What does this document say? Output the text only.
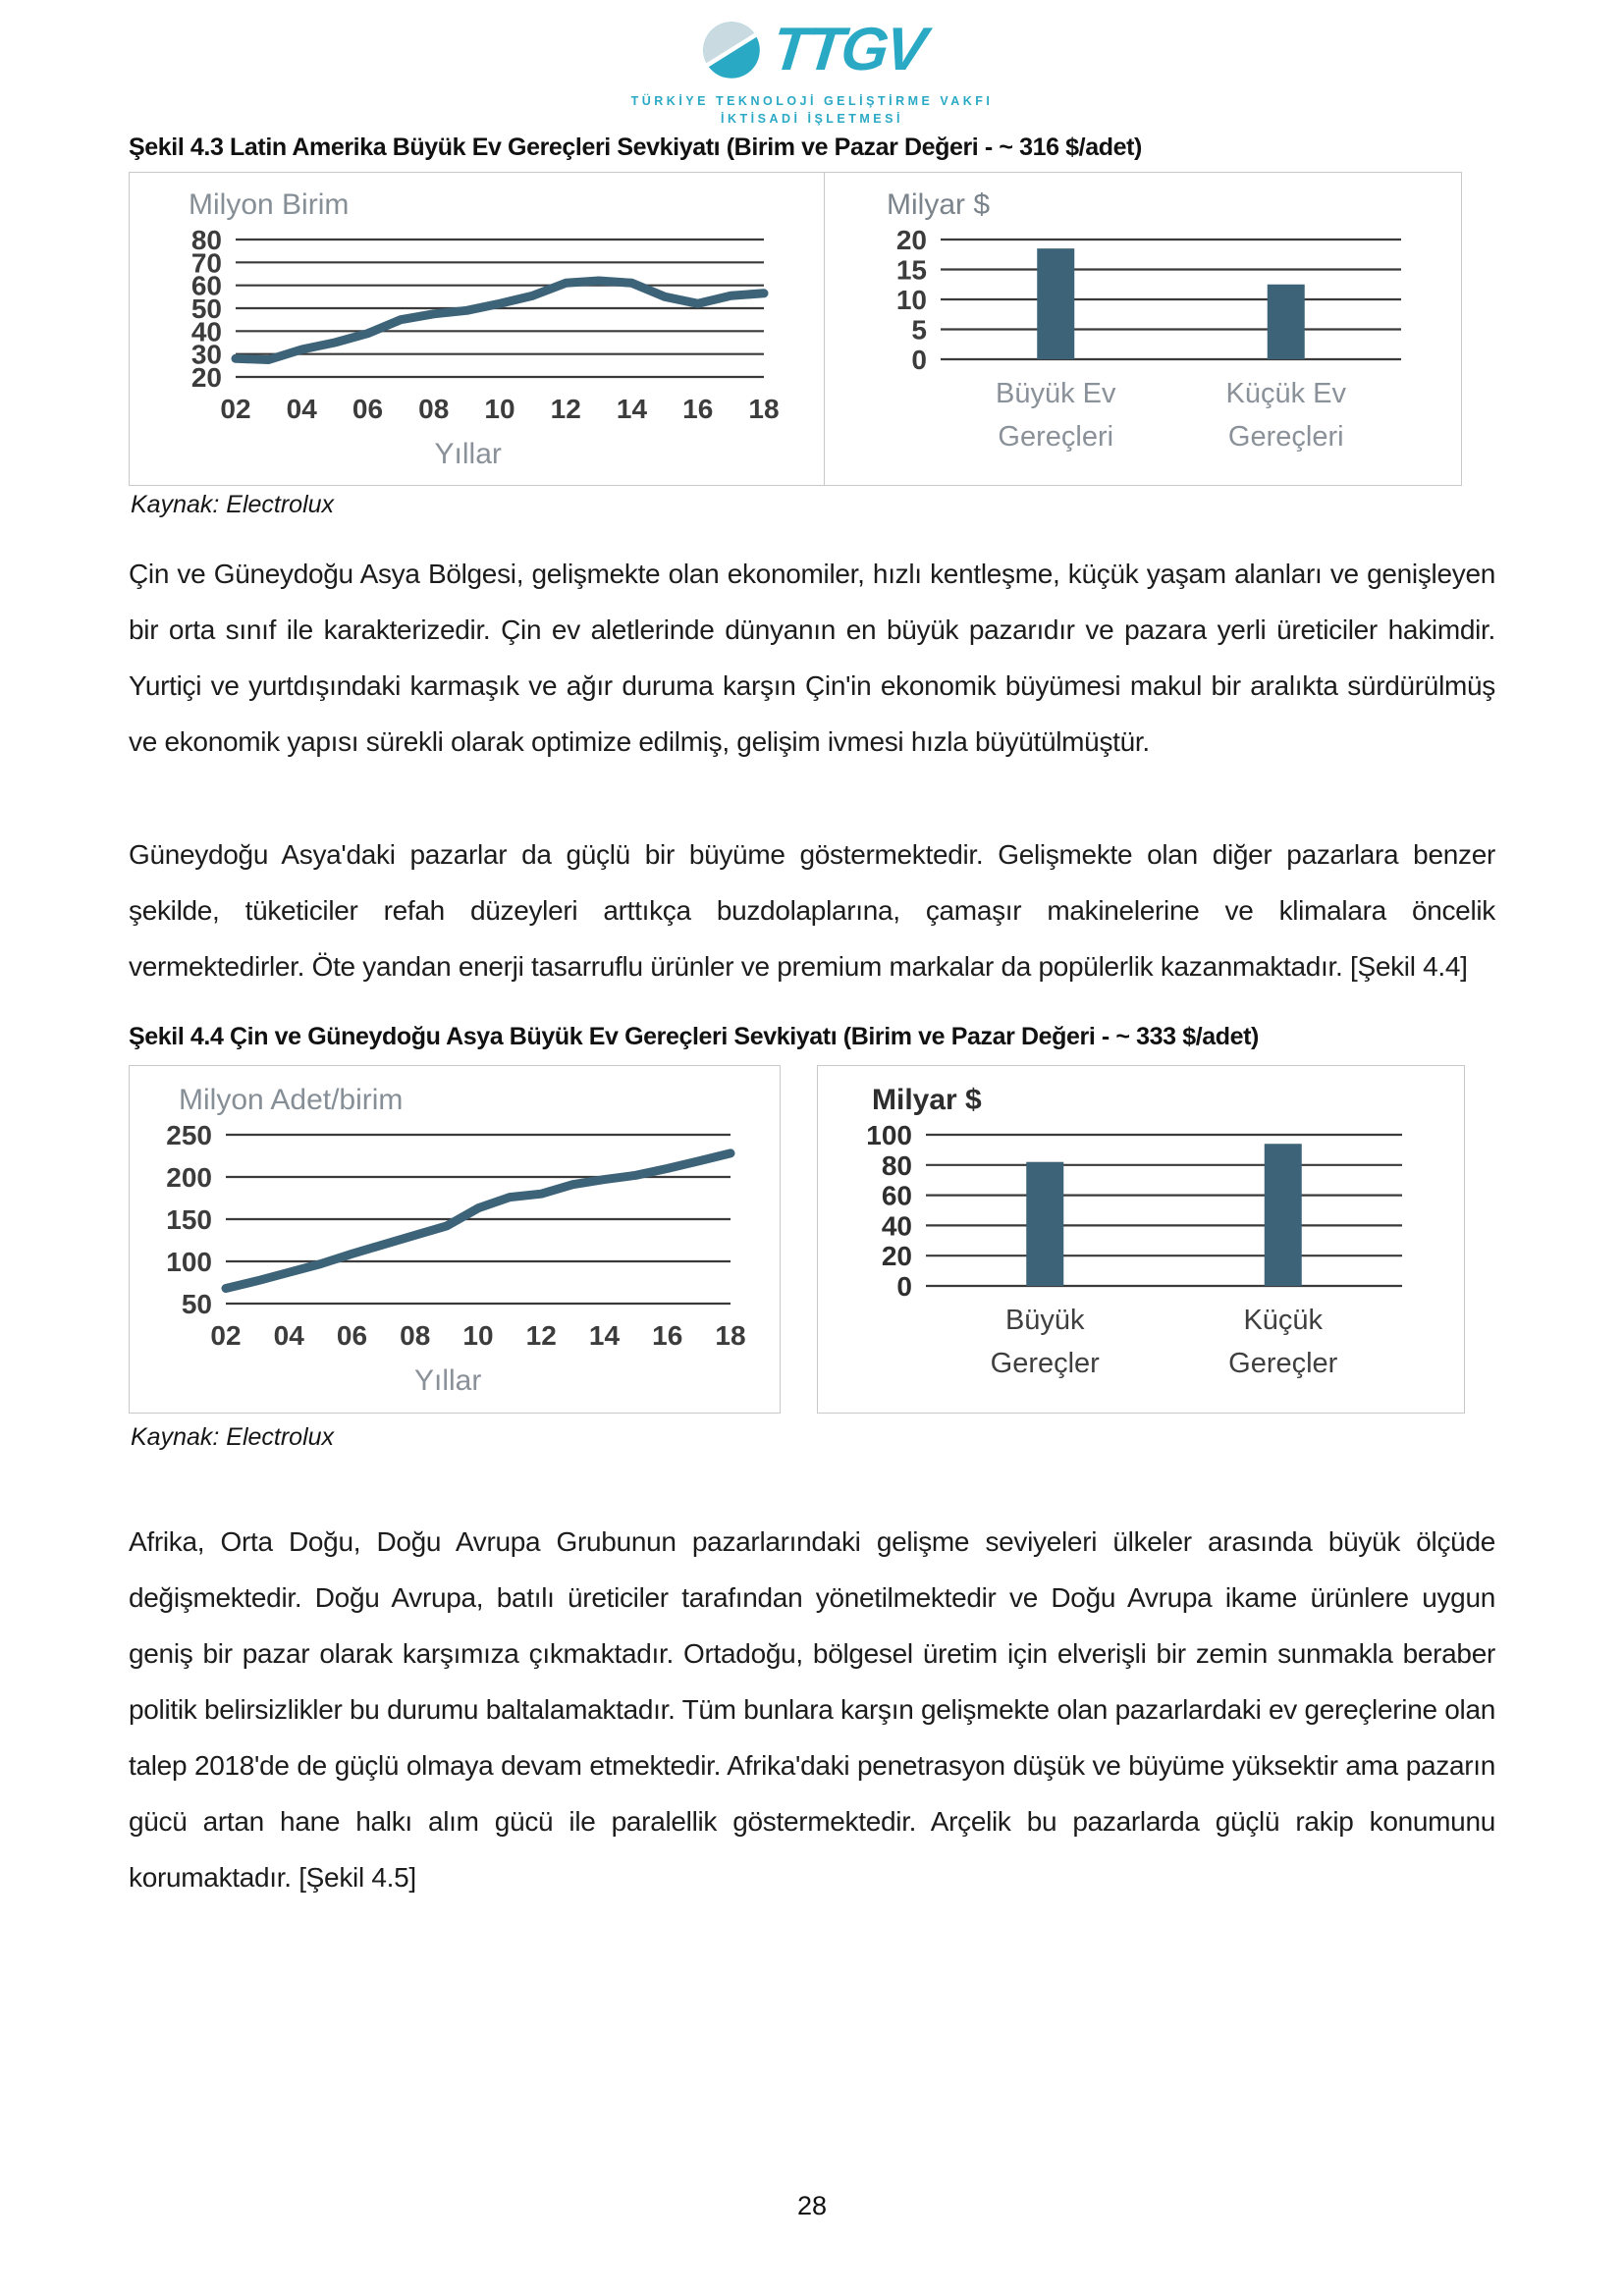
TTGV
TÜRKİYE TEKNOLOJİ GELİŞTİRME VAKFI
İKTİSADİ İŞLETMESİ
Şekil 4.3 Latin Amerika Büyük Ev Gereçleri Sevkiyatı (Birim ve Pazar Değeri - ~ 316 $/adet)
Milyon Birim
20
30
40
50
60
70
80
02 04 06 08 10 12 14 16 18
Yıllar
Milyar $
0
5
10
15
20
Büyük Ev
Gereçleri
Küçük Ev
Gereçleri
Kaynak: Electrolux
Çin ve Güneydoğu Asya Bölgesi, gelişmekte olan ekonomiler, hızlı kentleşme, küçük yaşam alanları ve genişleyen bir orta sınıf ile karakterizedir. Çin ev aletlerinde dünyanın en büyük pazarıdır ve pazara yerli üreticiler hakimdir. Yurtiçi ve yurtdışındaki karmaşık ve ağır duruma karşın Çin'in ekonomik büyümesi makul bir aralıkta sürdürülmüş ve ekonomik yapısı sürekli olarak optimize edilmiş, gelişim ivmesi hızla büyütülmüştür.
Güneydoğu Asya'daki pazarlar da güçlü bir büyüme göstermektedir. Gelişmekte olan diğer pazarlara benzer şekilde, tüketiciler refah düzeyleri arttıkça buzdolaplarına, çamaşır makinelerine ve klimalara öncelik vermektedirler. Öte yandan enerji tasarruflu ürünler ve premium markalar da popülerlik kazanmaktadır. [Şekil 4.4]
Şekil 4.4 Çin ve Güneydoğu Asya Büyük Ev Gereçleri Sevkiyatı (Birim ve Pazar Değeri - ~ 333 $/adet)
Milyon Adet/birim
50
100
150
200
250
02 04 06 08 10 12 14 16 18
Yıllar
Milyar $
0
20
40
60
80
100
Büyük
Gereçler
Küçük
Gereçler
Kaynak: Electrolux
Afrika, Orta Doğu, Doğu Avrupa Grubunun pazarlarındaki gelişme seviyeleri ülkeler arasında büyük ölçüde değişmektedir. Doğu Avrupa, batılı üreticiler tarafından yönetilmektedir ve Doğu Avrupa ikame ürünlere uygun geniş bir pazar olarak karşımıza çıkmaktadır. Ortadoğu, bölgesel üretim için elverişli bir zemin sunmakla beraber politik belirsizlikler bu durumu baltalamaktadır. Tüm bunlara karşın gelişmekte olan pazarlardaki ev gereçlerine olan talep 2018'de de güçlü olmaya devam etmektedir. Afrika'daki penetrasyon düşük ve büyüme yüksektir ama pazarın gücü artan hane halkı alım gücü ile paralellik göstermektedir. Arçelik bu pazarlarda güçlü rakip konumunu korumaktadır. [Şekil 4.5]
28
